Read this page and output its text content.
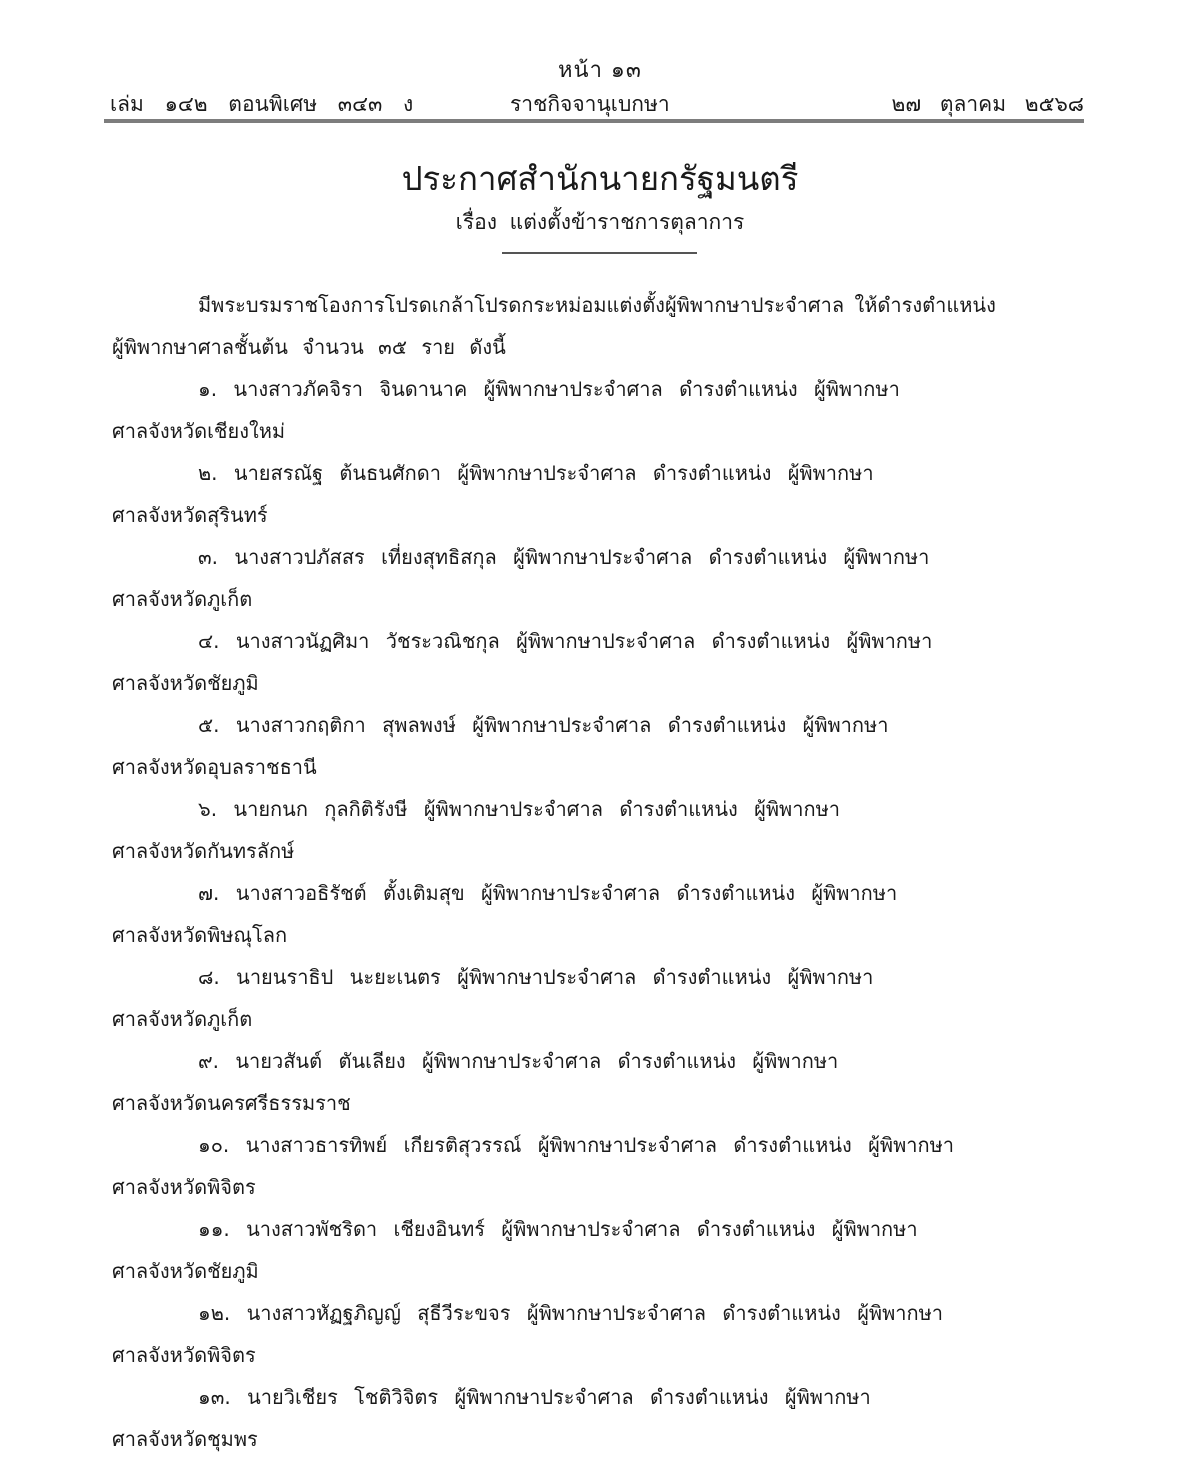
หน้า ๑๓
เล่ม ๑๔๒ ตอนพิเศษ ๓๔๓ ง	ราชกิจจานุเบกษา	๒๗ ตุลาคม ๒๕๖๘
ประกาศสำนักนายกรัฐมนตรี
เรื่อง แต่งตั้งข้าราชการตุลาการ

มีพระบรมราชโองการโปรดเกล้าโปรดกระหม่อมแต่งตั้งผู้พิพากษาประจำศาล ให้ดำรงตำแหน่ง

ผู้พิพากษาศาลชั้นต้น จำนวน ๓๕ ราย ดังนี้

๑. นางสาวภัคจิรา จินดานาค ผู้พิพากษาประจำศาล ดำรงตำแหน่ง ผู้พิพากษา

ศาลจังหวัดเชียงใหม่

๒. นายสรณัฐ ต้นธนศักดา ผู้พิพากษาประจำศาล ดำรงตำแหน่ง ผู้พิพากษา

ศาลจังหวัดสุรินทร์

๓. นางสาวปภัสสร เที่ยงสุทธิสกุล ผู้พิพากษาประจำศาล ดำรงตำแหน่ง ผู้พิพากษา

ศาลจังหวัดภูเก็ต

๔. นางสาวนัฏศิมา วัชระวณิชกุล ผู้พิพากษาประจำศาล ดำรงตำแหน่ง ผู้พิพากษา

ศาลจังหวัดชัยภูมิ

๕. นางสาวกฤติกา สุพลพงษ์ ผู้พิพากษาประจำศาล ดำรงตำแหน่ง ผู้พิพากษา

ศาลจังหวัดอุบลราชธานี

๖. นายกนก กุลกิติรังษี ผู้พิพากษาประจำศาล ดำรงตำแหน่ง ผู้พิพากษา

ศาลจังหวัดกันทรลักษ์

๗. นางสาวอธิรัชต์ ตั้งเติมสุข ผู้พิพากษาประจำศาล ดำรงตำแหน่ง ผู้พิพากษา

ศาลจังหวัดพิษณุโลก

๘. นายนราธิป นะยะเนตร ผู้พิพากษาประจำศาล ดำรงตำแหน่ง ผู้พิพากษา

ศาลจังหวัดภูเก็ต

๙. นายวสันต์ ตันเลียง ผู้พิพากษาประจำศาล ดำรงตำแหน่ง ผู้พิพากษา

ศาลจังหวัดนครศรีธรรมราช

๑๐. นางสาวธารทิพย์ เกียรติสุวรรณ์ ผู้พิพากษาประจำศาล ดำรงตำแหน่ง ผู้พิพากษา

ศาลจังหวัดพิจิตร

๑๑. นางสาวพัชริดา เชียงอินทร์ ผู้พิพากษาประจำศาล ดำรงตำแหน่ง ผู้พิพากษา

ศาลจังหวัดชัยภูมิ

๑๒. นางสาวหัฏฐภิญญ์ สุธีวีระขจร ผู้พิพากษาประจำศาล ดำรงตำแหน่ง ผู้พิพากษา

ศาลจังหวัดพิจิตร

๑๓. นายวิเชียร โชติวิจิตร ผู้พิพากษาประจำศาล ดำรงตำแหน่ง ผู้พิพากษา

ศาลจังหวัดชุมพร
